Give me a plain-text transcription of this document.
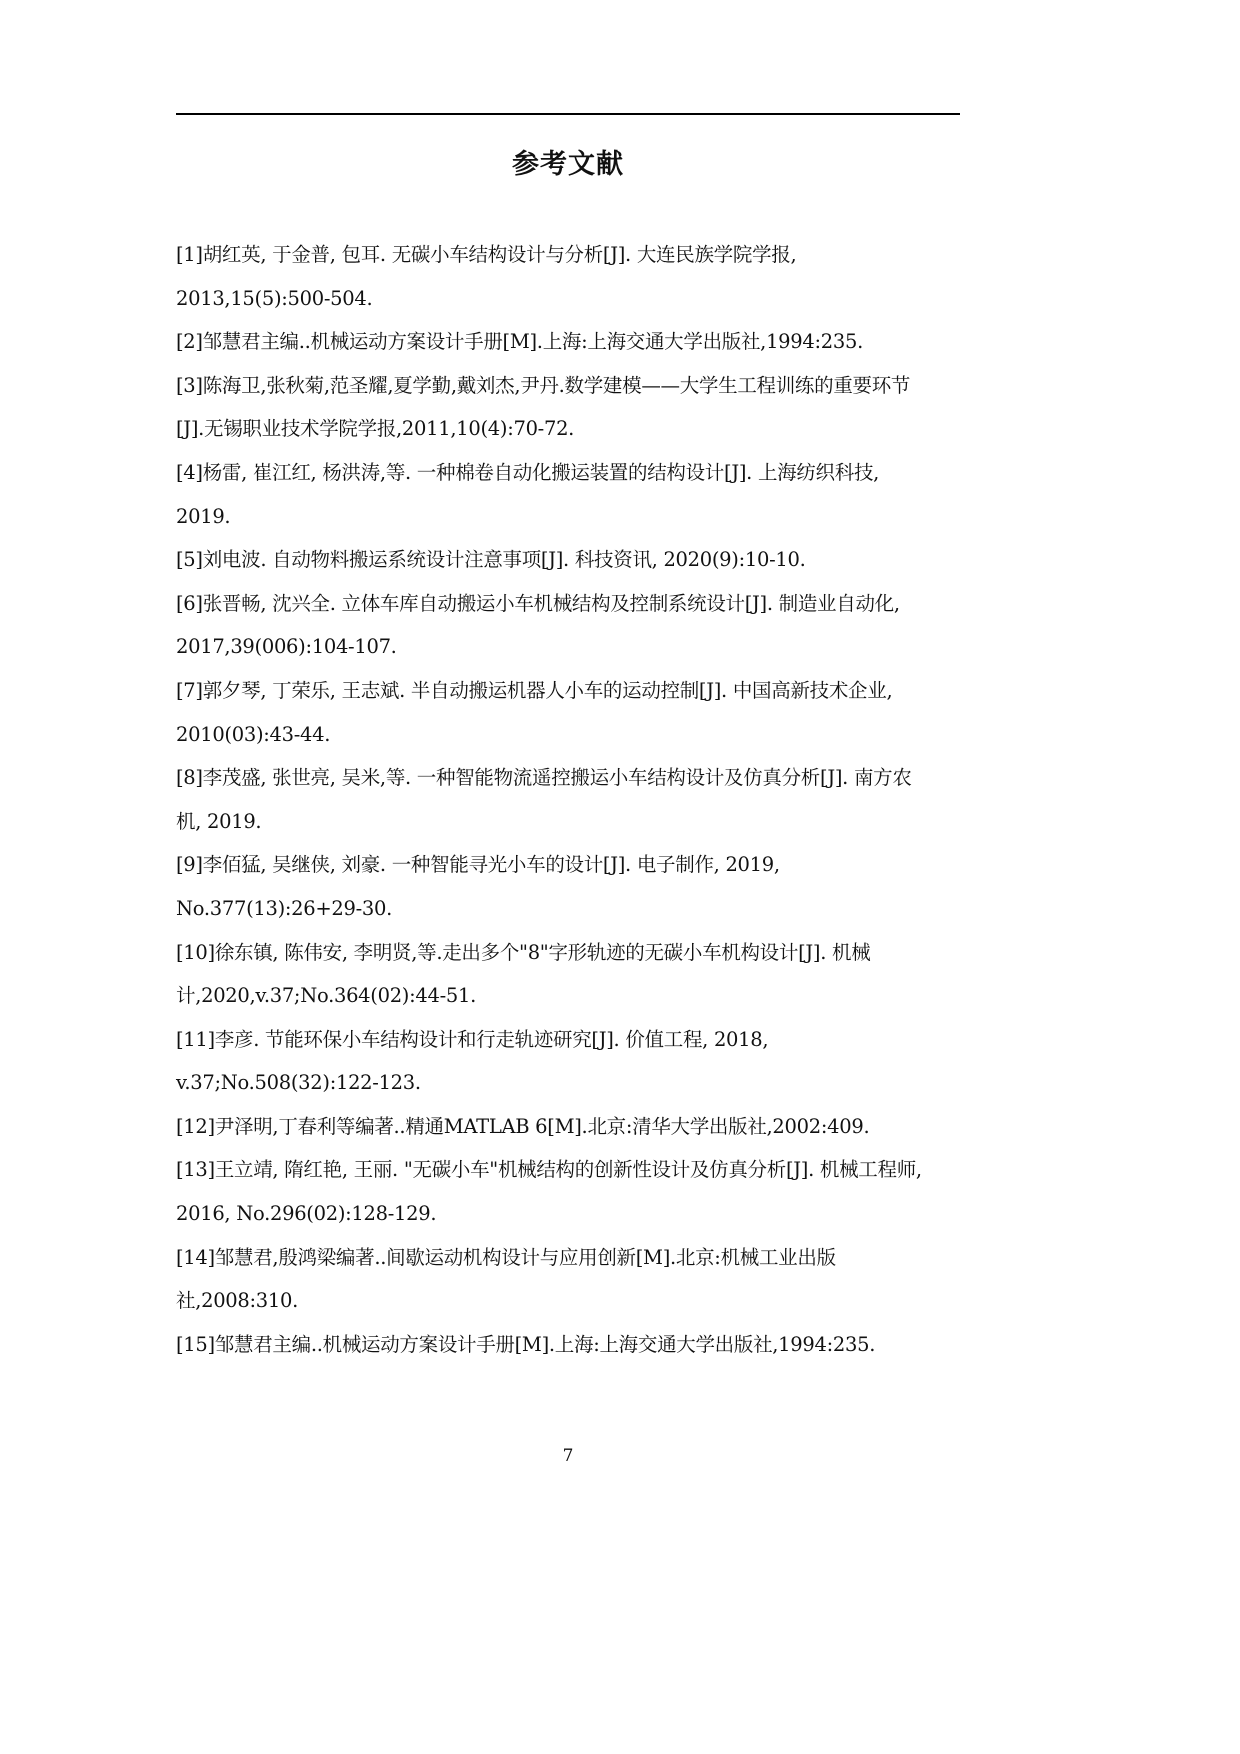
参考文献
[1]胡红英, 于金普, 包耳. 无碳小车结构设计与分析[J]. 大连民族学院学报,
2013,15(5):500-504.
[2]邹慧君主编..机械运动方案设计手册[M].上海:上海交通大学出版社,1994:235.
[3]陈海卫,张秋菊,范圣耀,夏学勤,戴刘杰,尹丹.数学建模——大学生工程训练的重要环节
[J].无锡职业技术学院学报,2011,10(4):70-72.
[4]杨雷, 崔江红, 杨洪涛,等. 一种棉卷自动化搬运装置的结构设计[J]. 上海纺织科技,
2019.
[5]刘电波. 自动物料搬运系统设计注意事项[J]. 科技资讯, 2020(9):10-10.
[6]张晋畅, 沈兴全. 立体车库自动搬运小车机械结构及控制系统设计[J]. 制造业自动化,
2017,39(006):104-107.
[7]郭夕琴, 丁荣乐, 王志斌. 半自动搬运机器人小车的运动控制[J]. 中国高新技术企业,
2010(03):43-44.
[8]李茂盛, 张世亮, 吴米,等. 一种智能物流遥控搬运小车结构设计及仿真分析[J]. 南方农
机, 2019.
[9]李佰猛, 吴继侠, 刘豪. 一种智能寻光小车的设计[J]. 电子制作, 2019,
No.377(13):26+29-30.
[10]徐东镇, 陈伟安, 李明贤,等.走出多个"8"字形轨迹的无碳小车机构设计[J]. 机械
计,2020,v.37;No.364(02):44-51.
[11]李彦. 节能环保小车结构设计和行走轨迹研究[J]. 价值工程, 2018,
v.37;No.508(32):122-123.
[12]尹泽明,丁春利等编著..精通MATLAB 6[M].北京:清华大学出版社,2002:409.
[13]王立靖, 隋红艳, 王丽. "无碳小车"机械结构的创新性设计及仿真分析[J]. 机械工程师,
2016, No.296(02):128-129.
[14]邹慧君,殷鸿梁编著..间歇运动机构设计与应用创新[M].北京:机械工业出版
社,2008:310.
[15]邹慧君主编..机械运动方案设计手册[M].上海:上海交通大学出版社,1994:235.
7
